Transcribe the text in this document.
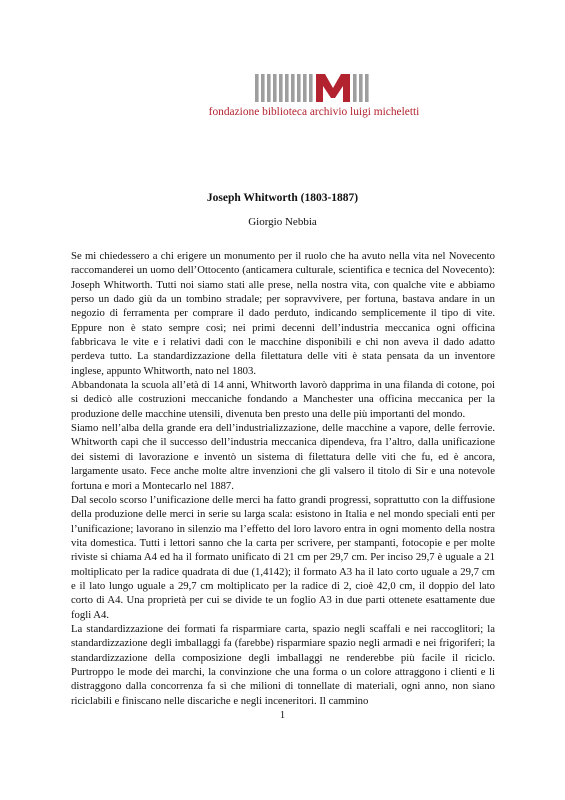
fondazione biblioteca archivio luigi micheletti
Joseph Whitworth (1803-1887)
Giorgio Nebbia

Se mi chiedessero a chi erigere un monumento per il ruolo che ha avuto nella vita nel Novecento raccomanderei un uomo dell’Ottocento (anticamera culturale, scientifica e tecnica del Novecento): Joseph Whitworth. Tutti noi siamo stati alle prese, nella nostra vita, con qualche vite e abbiamo perso un dado giù da un tombino stradale; per sopravvivere, per fortuna, bastava andare in un negozio di ferramenta per comprare il dado perduto, indicando semplicemente il tipo di vite. Eppure non è stato sempre così; nei primi decenni dell’industria meccanica ogni officina fabbricava le vite e i relativi dadi con le macchine disponibili e chi non aveva il dado adatto perdeva tutto. La standardizzazione della filettatura delle viti è stata pensata da un inventore inglese, appunto Whitworth, nato nel 1803.

Abbandonata la scuola all’età di 14 anni, Whitworth lavorò dapprima in una filanda di cotone, poi si dedicò alle costruzioni meccaniche fondando a Manchester una officina meccanica per la produzione delle macchine utensili, divenuta ben presto una delle più importanti del mondo.

Siamo nell’alba della grande era dell’industrializzazione, delle macchine a vapore, delle ferrovie. Whitworth capì che il successo dell’industria meccanica dipendeva, fra l’altro, dalla unificazione dei sistemi di lavorazione e inventò un sistema di filettatura delle viti che fu, ed è ancora, largamente usato. Fece anche molte altre invenzioni che gli valsero il titolo di Sir e una notevole fortuna e morì a Montecarlo nel 1887.

Dal secolo scorso l’unificazione delle merci ha fatto grandi progressi, soprattutto con la diffusione della produzione delle merci in serie su larga scala: esistono in Italia e nel mondo speciali enti per l’unificazione; lavorano in silenzio ma l’effetto del loro lavoro entra in ogni momento della nostra vita domestica. Tutti i lettori sanno che la carta per scrivere, per stampanti, fotocopie e per molte riviste si chiama A4 ed ha il formato unificato di 21 cm per 29,7 cm. Per inciso 29,7 è uguale a 21 moltiplicato per la radice quadrata di due (1,4142); il formato A3 ha il lato corto uguale a 29,7 cm e il lato lungo uguale a 29,7 cm moltiplicato per la radice di 2, cioè 42,0 cm, il doppio del lato corto di A4. Una proprietà per cui se divide te un foglio A3 in due parti ottenete esattamente due fogli A4.

La standardizzazione dei formati fa risparmiare carta, spazio negli scaffali e nei raccoglitori; la standardizzazione degli imballaggi fa (farebbe) risparmiare spazio negli armadi e nei frigoriferi; la standardizzazione della composizione degli imballaggi ne renderebbe più facile il riciclo. Purtroppo le mode dei marchi, la convinzione che una forma o un colore attraggono i clienti e li distraggono dalla concorrenza fa sì che milioni di tonnellate di materiali, ogni anno, non siano riciclabili e finiscano nelle discariche e negli inceneritori. Il cammino

1
